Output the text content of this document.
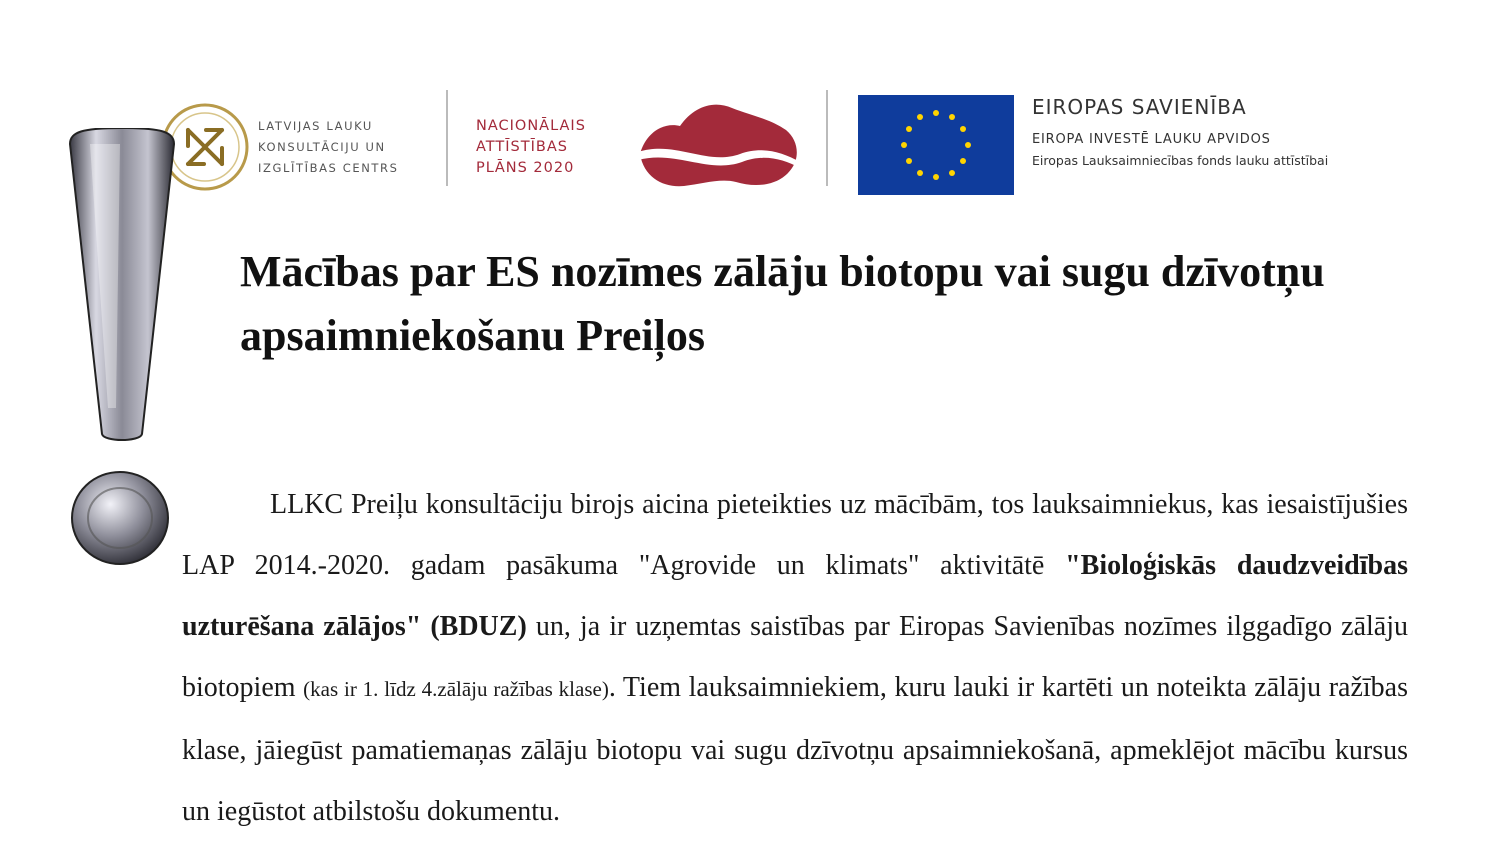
LATVIJAS LAUKU
KONSULTĀCIJU UN
IZGLĪTĪBAS CENTRS
NACIONĀLAIS
ATTĪSTĪBAS
PLĀNS 2020
EIROPAS SAVIENĪBA
EIROPA INVESTĒ LAUKU APVIDOS
Eiropas Lauksaimniecības fonds lauku attīstībai
Mācības par ES nozīmes zālāju biotopu vai sugu dzīvotņu apsaimniekošanu Preiļos

LLKC Preiļu konsultāciju birojs aicina pieteikties uz mācībām, tos lauksaimniekus, kas iesaistījušies LAP 2014.-2020. gadam pasākuma "Agrovide un klimats" aktivitātē "Bioloģiskās daudzveidības uzturēšana zālājos" (BDUZ) un, ja ir uzņemtas saistības par Eiropas Savienības nozīmes ilggadīgo zālāju biotopiem (kas ir 1. līdz 4.zālāju ražības klase). Tiem lauksaimniekiem, kuru lauki ir kartēti un noteikta zālāju ražības klase, jāiegūst pamatiemaņas zālāju biotopu vai sugu dzīvotņu apsaimniekošanā, apmeklējot mācību kursus un iegūstot atbilstošu dokumentu.
